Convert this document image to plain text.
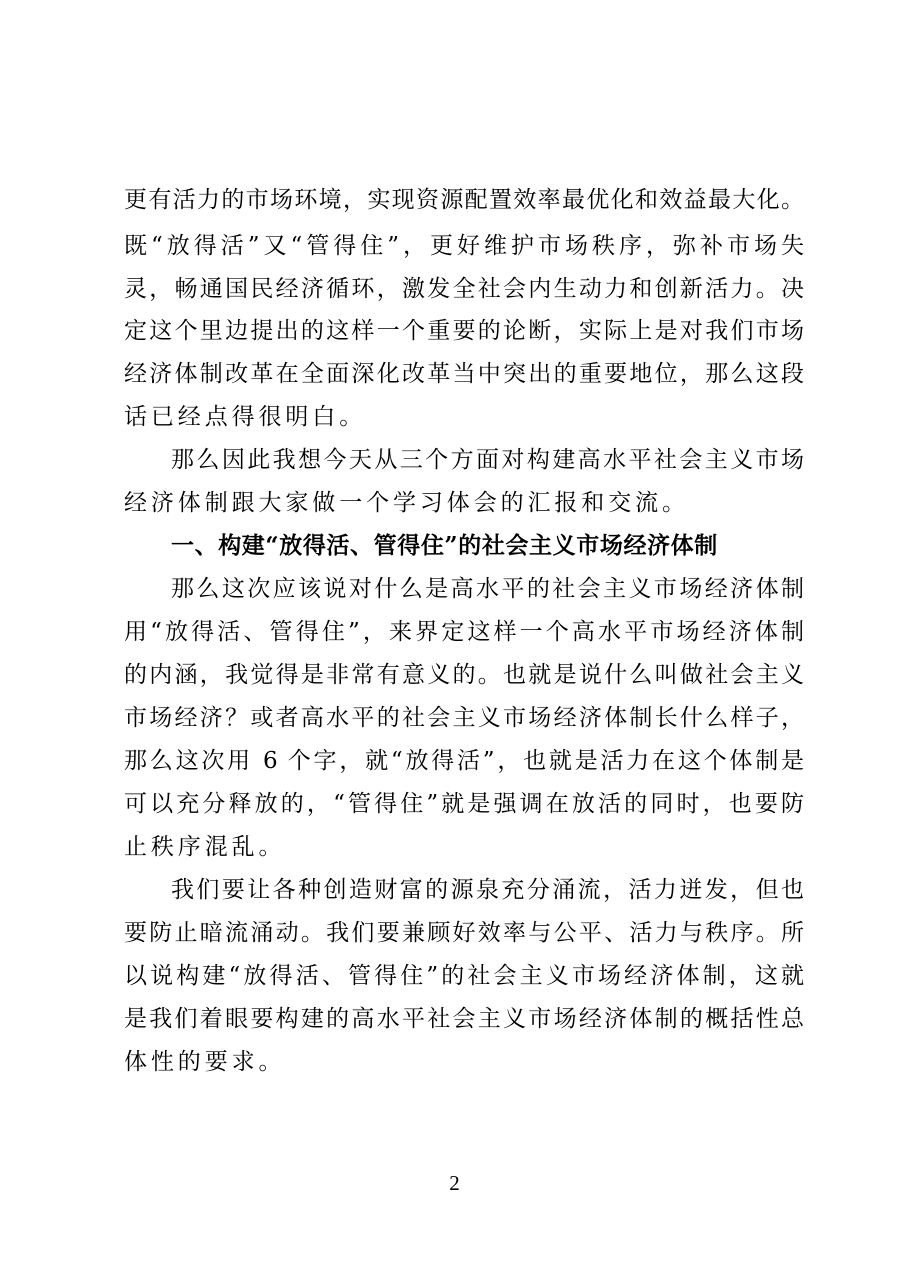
更有活力的市场环境，实现资源配置效率最优化和效益最大化。
既“放得活”又“管得住”，更好维护市场秩序，弥补市场失
灵，畅通国民经济循环，激发全社会内生动力和创新活力。决
定这个里边提出的这样一个重要的论断，实际上是对我们市场
经济体制改革在全面深化改革当中突出的重要地位，那么这段
话已经点得很明白。
那么因此我想今天从三个方面对构建高水平社会主义市场
经济体制跟大家做一个学习体会的汇报和交流。
一、构建“放得活、管得住”的社会主义市场经济体制
那么这次应该说对什么是高水平的社会主义市场经济体制
用“放得活、管得住”，来界定这样一个高水平市场经济体制
的内涵，我觉得是非常有意义的。也就是说什么叫做社会主义
市场经济？或者高水平的社会主义市场经济体制长什么样子，
那么这次用 6 个字，就“放得活”，也就是活力在这个体制是
可以充分释放的，“管得住”就是强调在放活的同时，也要防
止秩序混乱。
我们要让各种创造财富的源泉充分涌流，活力迸发，但也
要防止暗流涌动。我们要兼顾好效率与公平、活力与秩序。所
以说构建“放得活、管得住”的社会主义市场经济体制，这就
是我们着眼要构建的高水平社会主义市场经济体制的概括性总
体性的要求。
2
